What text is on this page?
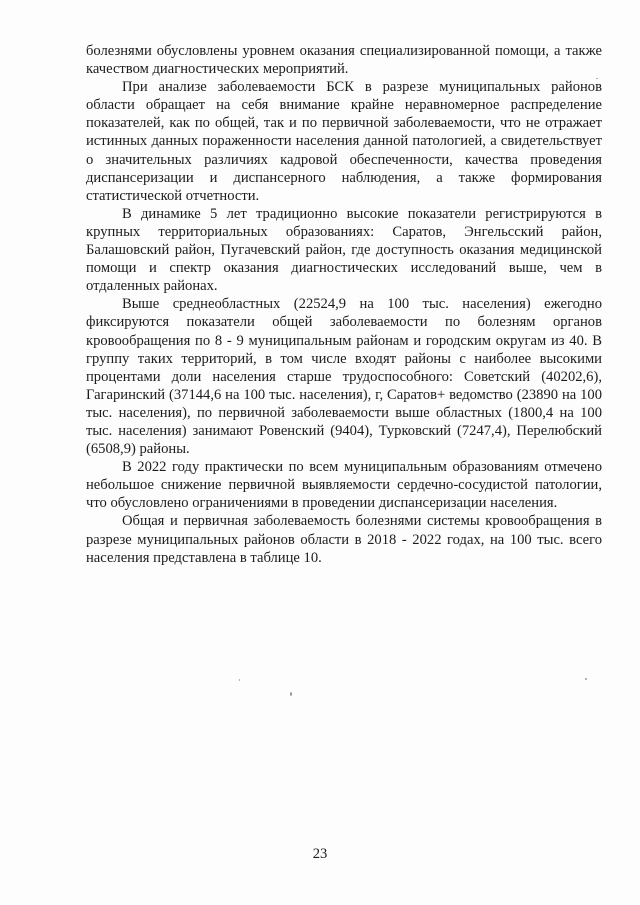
болезнями обусловлены уровнем оказания специализированной помощи, а также качеством диагностических мероприятий.

При анализе заболеваемости БСК в разрезе муниципальных районов области обращает на себя внимание крайне неравномерное распределение показателей, как по общей, так и по первичной заболеваемости, что не отражает истинных данных пораженности населения данной патологией, а свидетельствует о значительных различиях кадровой обеспеченности, качества проведения диспансеризации и диспансерного наблюдения, а также формирования статистической отчетности.

В динамике 5 лет традиционно высокие показатели регистрируются в крупных территориальных образованиях: Саратов, Энгельсский район, Балашовский район, Пугачевский район, где доступность оказания медицинской помощи и спектр оказания диагностических исследований выше, чем в отдаленных районах.

Выше среднеобластных (22524,9 на 100 тыс. населения) ежегодно фиксируются показатели общей заболеваемости по болезням органов кровообращения по 8 - 9 муниципальным районам и городским округам из 40. В группу таких территорий, в том числе входят районы с наиболее высокими процентами доли населения старше трудоспособного: Советский (40202,6), Гагаринский (37144,6 на 100 тыс. населения), г, Саратов+ ведомство (23890 на 100 тыс. населения), по первичной заболеваемости выше областных (1800,4 на 100 тыс. населения) занимают Ровенский (9404), Турковский (7247,4), Перелюбский (6508,9) районы.

В 2022 году практически по всем муниципальным образованиям отмечено небольшое снижение первичной выявляемости сердечно-сосудистой патологии, что обусловлено ограничениями в проведении диспансеризации населения.

Общая и первичная заболеваемость болезнями системы кровообращения в разрезе муниципальных районов области в 2018 - 2022 годах, на 100 тыс. всего населения представлена в таблице 10.

23
